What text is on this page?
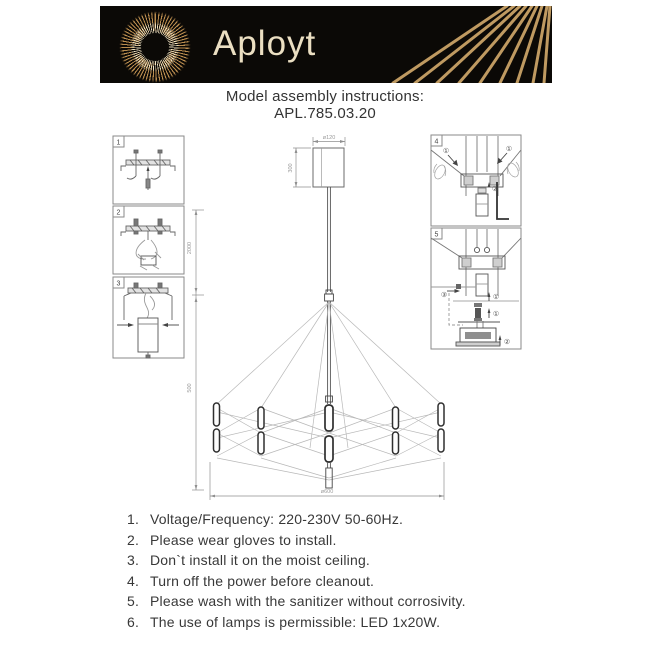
Aployt
Model assembly instructions:
APL.785.03.20
1
2
3
4
①	①
②
5
③	①
①
②
ø120
300
2000
500
ø600
1. Voltage/Frequency: 220-230V 50-60Hz.
2. Please wear gloves to install.
3. Don`t install it on the moist ceiling.
4. Turn off the power before cleanout.
5. Please wash with the sanitizer without corrosivity.
6. The use of lamps is permissible: LED 1x20W.
